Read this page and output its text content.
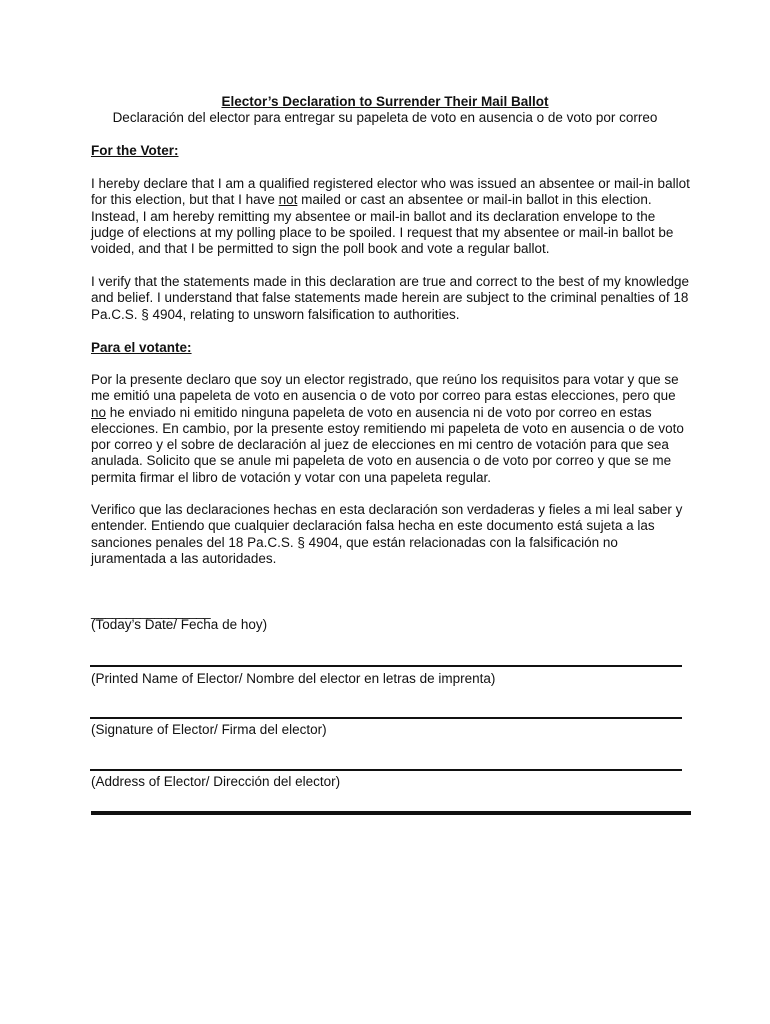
Elector’s Declaration to Surrender Their Mail Ballot
Declaración del elector para entregar su papeleta de voto en ausencia o de voto por correo
For the Voter:

I hereby declare that I am a qualified registered elector who was issued an absentee or mail-in ballot for this election, but that I have not mailed or cast an absentee or mail-in ballot in this election. Instead, I am hereby remitting my absentee or mail-in ballot and its declaration envelope to the judge of elections at my polling place to be spoiled. I request that my absentee or mail-in ballot be voided, and that I be permitted to sign the poll book and vote a regular ballot.

I verify that the statements made in this declaration are true and correct to the best of my knowledge and belief. I understand that false statements made herein are subject to the criminal penalties of 18 Pa.C.S. § 4904, relating to unsworn falsification to authorities.

Para el votante:

Por la presente declaro que soy un elector registrado, que reúno los requisitos para votar y que se me emitió una papeleta de voto en ausencia o de voto por correo para estas elecciones, pero que no he enviado ni emitido ninguna papeleta de voto en ausencia ni de voto por correo en estas elecciones. En cambio, por la presente estoy remitiendo mi papeleta de voto en ausencia o de voto por correo y el sobre de declaración al juez de elecciones en mi centro de votación para que sea anulada. Solicito que se anule mi papeleta de voto en ausencia o de voto por correo y que se me permita firmar el libro de votación y votar con una papeleta regular.

Verifico que las declaraciones hechas en esta declaración son verdaderas y fieles a mi leal saber y entender. Entiendo que cualquier declaración falsa hecha en este documento está sujeta a las sanciones penales del 18 Pa.C.S. § 4904, que están relacionadas con la falsificación no juramentada a las autoridades.

_________________
(Today’s Date/ Fecha de hoy)
(Printed Name of Elector/ Nombre del elector en letras de imprenta)
(Signature of Elector/ Firma del elector)
(Address of Elector/ Dirección del elector)
